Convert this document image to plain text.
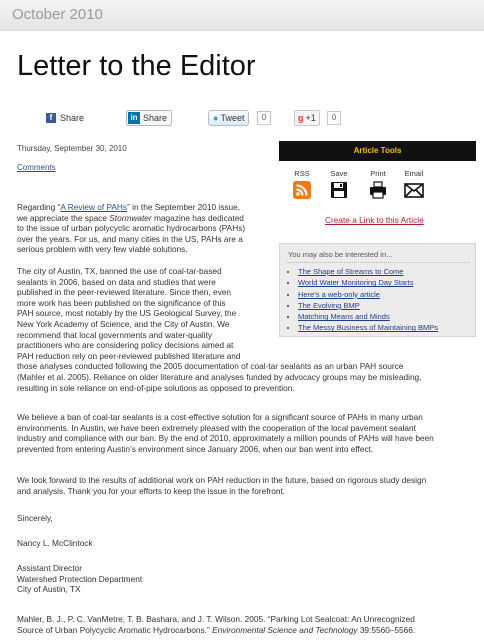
October 2010
Letter to the Editor
f Share	in Share	● Tweet	0	g +1	0
Thursday, September 30, 2010
Comments

Regarding “A Review of PAHs” in the September 2010 issue,
we appreciate the space Stormwater magazine has dedicated
to the issue of urban polycyclic aromatic hydrocarbons (PAHs)
over the years. For us, and many cities in the US, PAHs are a
serious problem with very few viable solutions.

The city of Austin, TX, banned the use of coal-tar-based
sealants in 2006, based on data and studies that were
published in the peer-reviewed literature. Since then, even
more work has been published on the significance of this
PAH source, most notably by the US Geological Survey, the
New York Academy of Science, and the City of Austin. We
recommend that local governments and water-quality
practitioners who are considering policy decisions aimed at
PAH reduction rely on peer-reviewed published literature and
those analyses conducted following the 2005 documentation of coal-tar sealants as an urban PAH source
(Mahler et al. 2005). Reliance on older literature and analyses funded by advocacy groups may be misleading,
resulting in sole reliance on end-of-pipe solutions as opposed to prevention.

We believe a ban of coal-tar sealants is a cost-effective solution for a significant source of PAHs in many urban
environments. In Austin, we have been extremely pleased with the cooperation of the local pavement sealant
industry and compliance with our ban. By the end of 2010, approximately a million pounds of PAHs will have been
prevented from entering Austin’s environment since January 2006, when our ban went into effect.

We look forward to the results of additional work on PAH reduction in the future, based on rigorous study design
and analysis. Thank you for your efforts to keep the issue in the forefront.

Sincerely,

Nancy L. McClintock

Assistant Director
Watershed Protection Department
City of Austin, TX

Mahler, B. J., P. C. VanMetre, T. B. Bashara, and J. T. Wilson. 2005. “Parking Lot Sealcoat: An Unrecognized
Source of Urban Polycyclic Aromatic Hydrocarbons.” Environmental Science and Technology 39:5560–5566.

Article Tools

RSS	Save	Print	Email
Create a Link to this Article
You may also be interested in...
• The Shape of Streams to Come
• World Water Monitoring Day Starts
• Here’s a web-only article
• The Evolving BMP
• Matching Means and Minds
• The Messy Business of Maintaining BMPs
